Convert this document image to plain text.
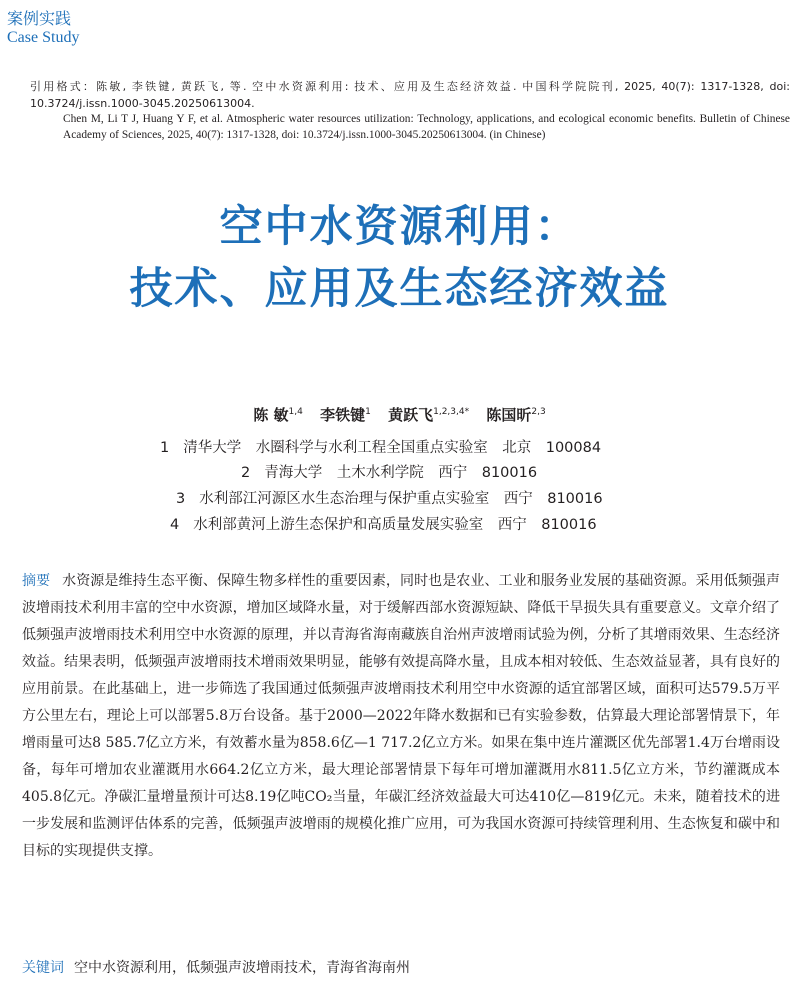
案例实践
Case Study
引用格式：陈敏, 李铁键, 黄跃飞, 等. 空中水资源利用: 技术、应用及生态经济效益. 中国科学院院刊, 2025, 40(7): 1317-1328, doi: 10.3724/j.issn.1000-3045.20250613004.
Chen M, Li T J, Huang Y F, et al. Atmospheric water resources utilization: Technology, applications, and ecological economic benefits. Bulletin of Chinese Academy of Sciences, 2025, 40(7): 1317-1328, doi: 10.3724/j.issn.1000-3045.20250613004. (in Chinese)
空中水资源利用：
技术、应用及生态经济效益
陈 敏$^{1,4}$ 李铁键$^1$ 黄跃飞$^{1,2,3,4*}$ 陈国昕$^{2,3}$
1 清华大学　水圈科学与水利工程全国重点实验室　北京　100084
2 青海大学　土木水利学院　西宁　810016
3 水利部江河源区水生态治理与保护重点实验室　西宁　810016
4 水利部黄河上游生态保护和高质量发展实验室　西宁　810016
摘要 水资源是维持生态平衡、保障生物多样性的重要因素，同时也是农业、工业和服务业发展的基础资源。采用低频强声波增雨技术利用丰富的空中水资源，增加区域降水量，对于缓解西部水资源短缺、降低干旱损失具有重要意义。文章介绍了低频强声波增雨技术利用空中水资源的原理，并以青海省海南藏族自治州声波增雨试验为例，分析了其增雨效果、生态经济效益。结果表明，低频强声波增雨技术增雨效果明显，能够有效提高降水量，且成本相对较低、生态效益显著，具有良好的应用前景。在此基础上，进一步筛选了我国通过低频强声波增雨技术利用空中水资源的适宜部署区域，面积可达579.5万平方公里左右，理论上可以部署5.8万台设备。基于2000—2022年降水数据和已有实验参数，估算最大理论部署情景下，年增雨量可达8 585.7亿立方米，有效蓄水量为858.6亿—1 717.2亿立方米。如果在集中连片灌溉区优先部署1.4万台增雨设备，每年可增加农业灌溉用水664.2亿立方米，最大理论部署情景下每年可增加灌溉用水811.5亿立方米，节约灌溉成本405.8亿元。净碳汇量增量预计可达8.19亿吨CO₂当量，年碳汇经济效益最大可达410亿—819亿元。未来，随着技术的进一步发展和监测评估体系的完善，低频强声波增雨的规模化推广应用，可为我国水资源可持续管理利用、生态恢复和碳中和目标的实现提供支撑。
关键词 空中水资源利用，低频强声波增雨技术，青海省海南州
